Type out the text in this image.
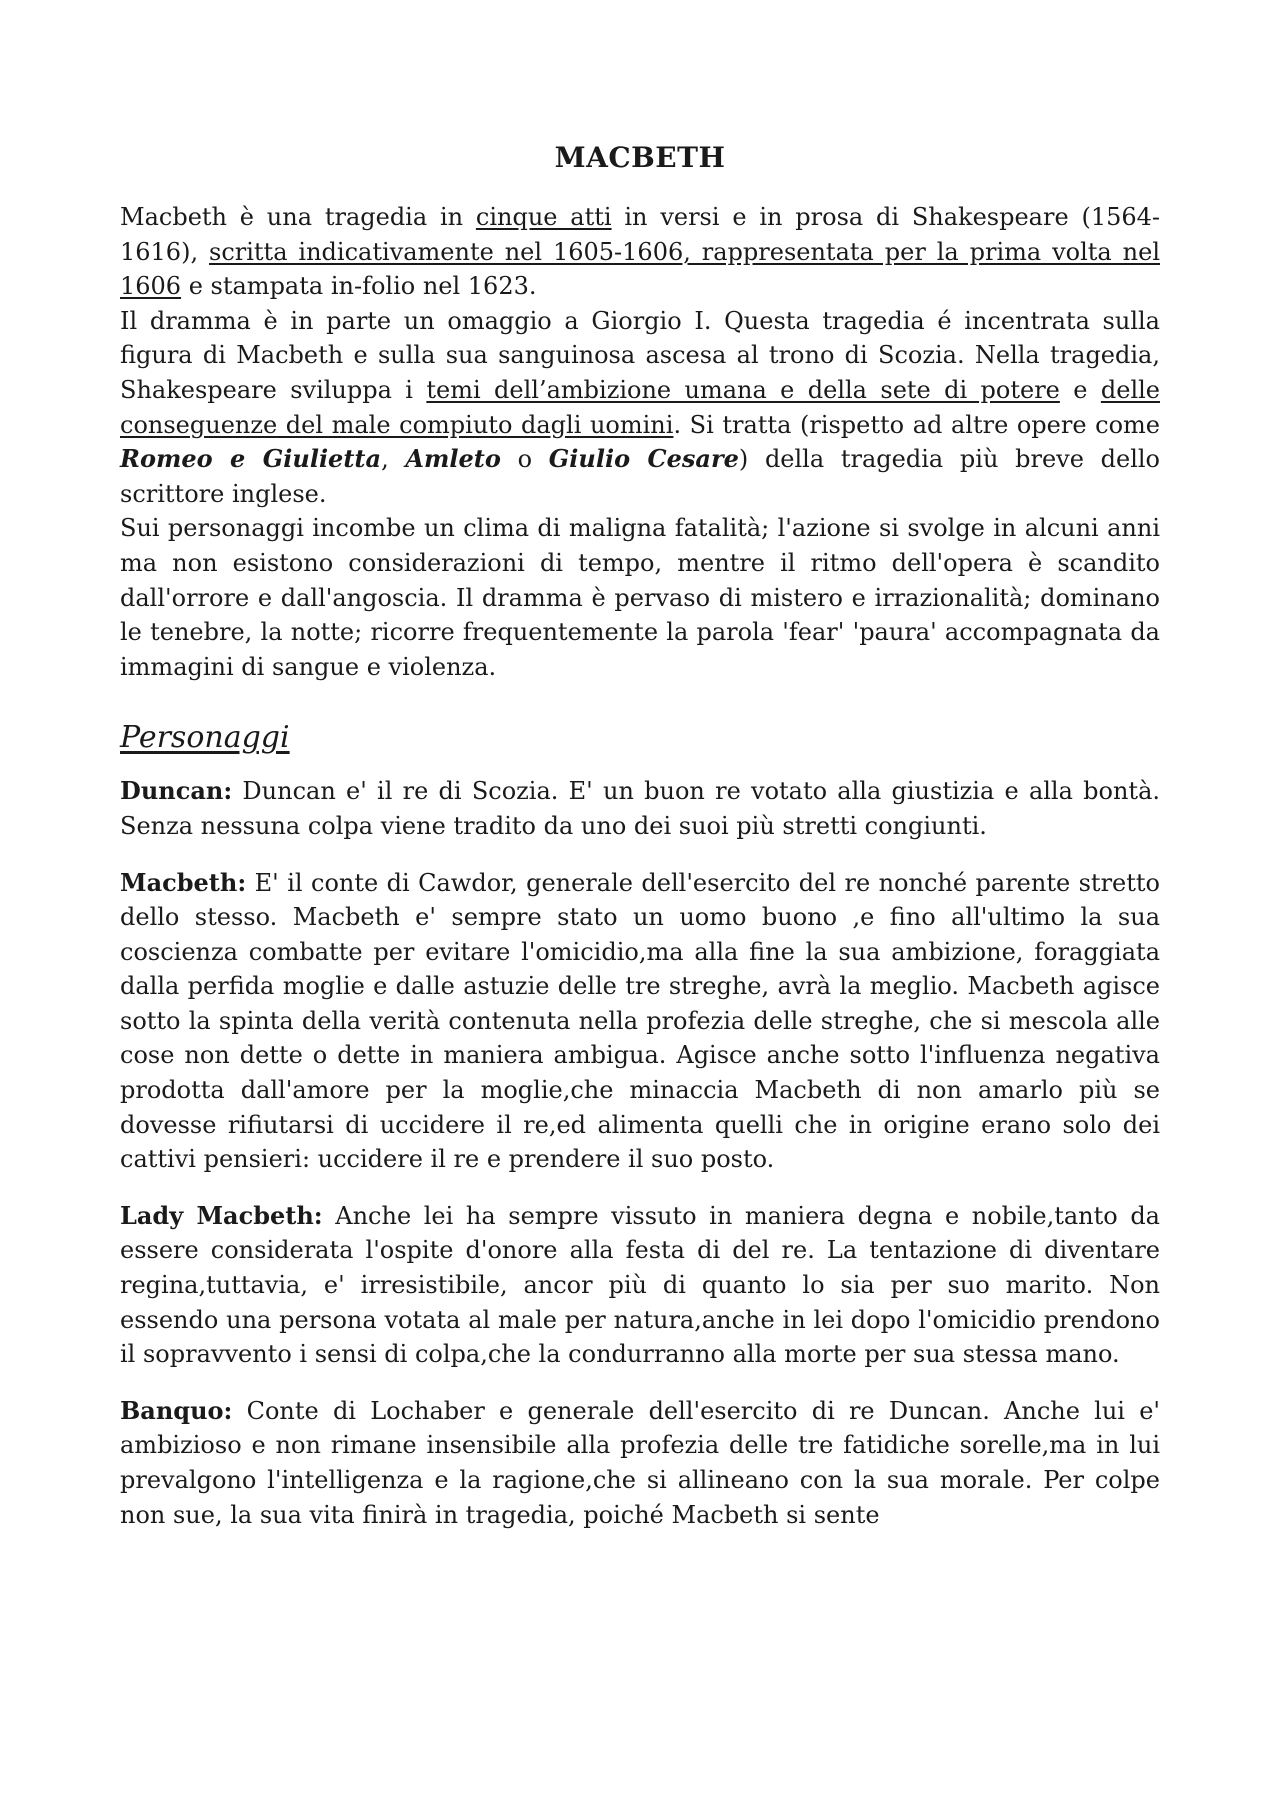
MACBETH

Macbeth è una tragedia in cinque atti in versi e in prosa di Shakespeare (1564-1616), scritta indicativamente nel 1605-1606, rappresentata per la prima volta nel 1606 e stampata in-folio nel 1623.

Il dramma è in parte un omaggio a Giorgio I. Questa tragedia é incentrata sulla figura di Macbeth e sulla sua sanguinosa ascesa al trono di Scozia. Nella tragedia, Shakespeare sviluppa i temi dell’ambizione umana e della sete di potere e delle conseguenze del male compiuto dagli uomini. Si tratta (rispetto ad altre opere come Romeo e Giulietta, Amleto o Giulio Cesare) della tragedia più breve dello scrittore inglese.

Sui personaggi incombe un clima di maligna fatalità; l'azione si svolge in alcuni anni ma non esistono considerazioni di tempo, mentre il ritmo dell'opera è scandito dall'orrore e dall'angoscia. Il dramma è pervaso di mistero e irrazionalità; dominano le tenebre, la notte; ricorre frequentemente la parola 'fear' 'paura' accompagnata da immagini di sangue e violenza.

Personaggi

Duncan: Duncan e' il re di Scozia. E' un buon re votato alla giustizia e alla bontà. Senza nessuna colpa viene tradito da uno dei suoi più stretti congiunti.

Macbeth: E' il conte di Cawdor, generale dell'esercito del re nonché parente stretto dello stesso. Macbeth e' sempre stato un uomo buono ,e fino all'ultimo la sua coscienza combatte per evitare l'omicidio,ma alla fine la sua ambizione, foraggiata dalla perfida moglie e dalle astuzie delle tre streghe, avrà la meglio. Macbeth agisce sotto la spinta della verità contenuta nella profezia delle streghe, che si mescola alle cose non dette o dette in maniera ambigua. Agisce anche sotto l'influenza negativa prodotta dall'amore per la moglie,che minaccia Macbeth di non amarlo più se dovesse rifiutarsi di uccidere il re,ed alimenta quelli che in origine erano solo dei cattivi pensieri: uccidere il re e prendere il suo posto.

Lady Macbeth: Anche lei ha sempre vissuto in maniera degna e nobile,tanto da essere considerata l'ospite d'onore alla festa di del re. La tentazione di diventare regina,tuttavia, e' irresistibile, ancor più di quanto lo sia per suo marito. Non essendo una persona votata al male per natura,anche in lei dopo l'omicidio prendono il sopravvento i sensi di colpa,che la condurranno alla morte per sua stessa mano.

Banquo: Conte di Lochaber e generale dell'esercito di re Duncan. Anche lui e' ambizioso e non rimane insensibile alla profezia delle tre fatidiche sorelle,ma in lui prevalgono l'intelligenza e la ragione,che si allineano con la sua morale. Per colpe non sue, la sua vita finirà in tragedia, poiché Macbeth si sente
